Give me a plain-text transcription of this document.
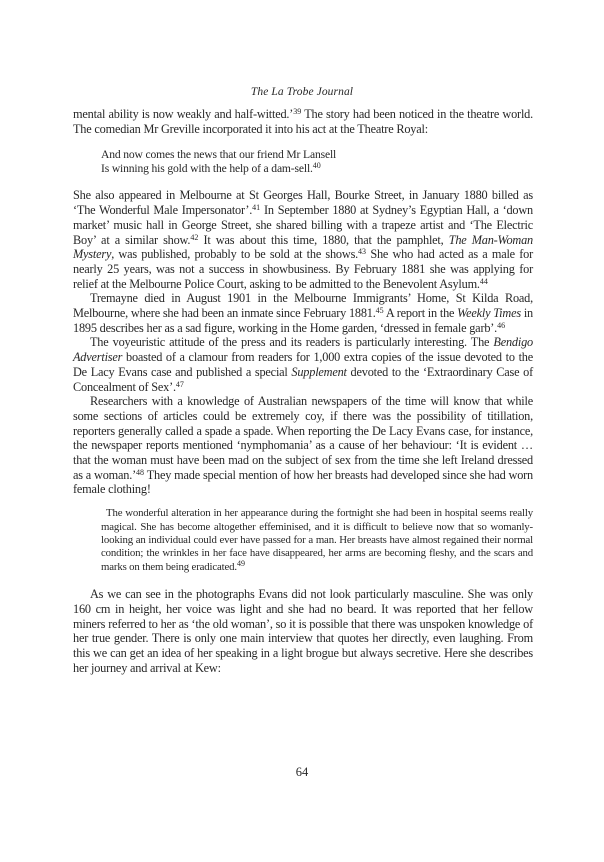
The La Trobe Journal

mental ability is now weakly and half-witted.’$^{39}$ The story had been noticed in the theatre world. The comedian Mr Greville incorporated it into his act at the Theatre Royal:

And now comes the news that our friend Mr Lansell
Is winning his gold with the help of a dam-sell.$^{40}$

She also appeared in Melbourne at St Georges Hall, Bourke Street, in January 1880 billed as ‘The Wonderful Male Impersonator’.$^{41}$ In September 1880 at Sydney’s Egyptian Hall, a ‘down market’ music hall in George Street, she shared billing with a trapeze artist and ‘The Electric Boy’ at a similar show.$^{42}$ It was about this time, 1880, that the pamphlet, The Man-Woman Mystery, was published, probably to be sold at the shows.$^{43}$ She who had acted as a male for nearly 25 years, was not a success in showbusiness. By February 1881 she was applying for relief at the Melbourne Police Court, asking to be admitted to the Benevolent Asylum.$^{44}$

Tremayne died in August 1901 in the Melbourne Immigrants’ Home, St Kilda Road, Melbourne, where she had been an inmate since February 1881.45 A report in the Weekly Times in 1895 describes her as a sad figure, working in the Home garden, ‘dressed in female garb’.$^{46}$

The voyeuristic attitude of the press and its readers is particularly interesting. The Bendigo Advertiser boasted of a clamour from readers for 1,000 extra copies of the issue devoted to the De Lacy Evans case and published a special Supplement devoted to the ‘Extraordinary Case of Concealment of Sex’.$^{47}$

Researchers with a knowledge of Australian newspapers of the time will know that while some sections of articles could be extremely coy, if there was the possibility of titillation, reporters generally called a spade a spade. When reporting the De Lacy Evans case, for instance, the newspaper reports mentioned ‘nymphomania’ as a cause of her behaviour: ‘It is evident … that the woman must have been mad on the subject of sex from the time she left Ireland dressed as a woman.’$^{48}$ They made special mention of how her breasts had developed since she had worn female clothing!

The wonderful alteration in her appearance during the fortnight she had been in hospital seems really magical. She has become altogether effeminised, and it is difficult to believe now that so womanly-looking an individual could ever have passed for a man. Her breasts have almost regained their normal condition; the wrinkles in her face have disappeared, her arms are becoming fleshy, and the scars and marks on them being eradicated.$^{49}$

As we can see in the photographs Evans did not look particularly masculine. She was only 160 cm in height, her voice was light and she had no beard. It was reported that her fellow miners referred to her as ‘the old woman’, so it is possible that there was unspoken knowledge of her true gender. There is only one main interview that quotes her directly, even laughing. From this we can get an idea of her speaking in a light brogue but always secretive. Here she describes her journey and arrival at Kew:

64
